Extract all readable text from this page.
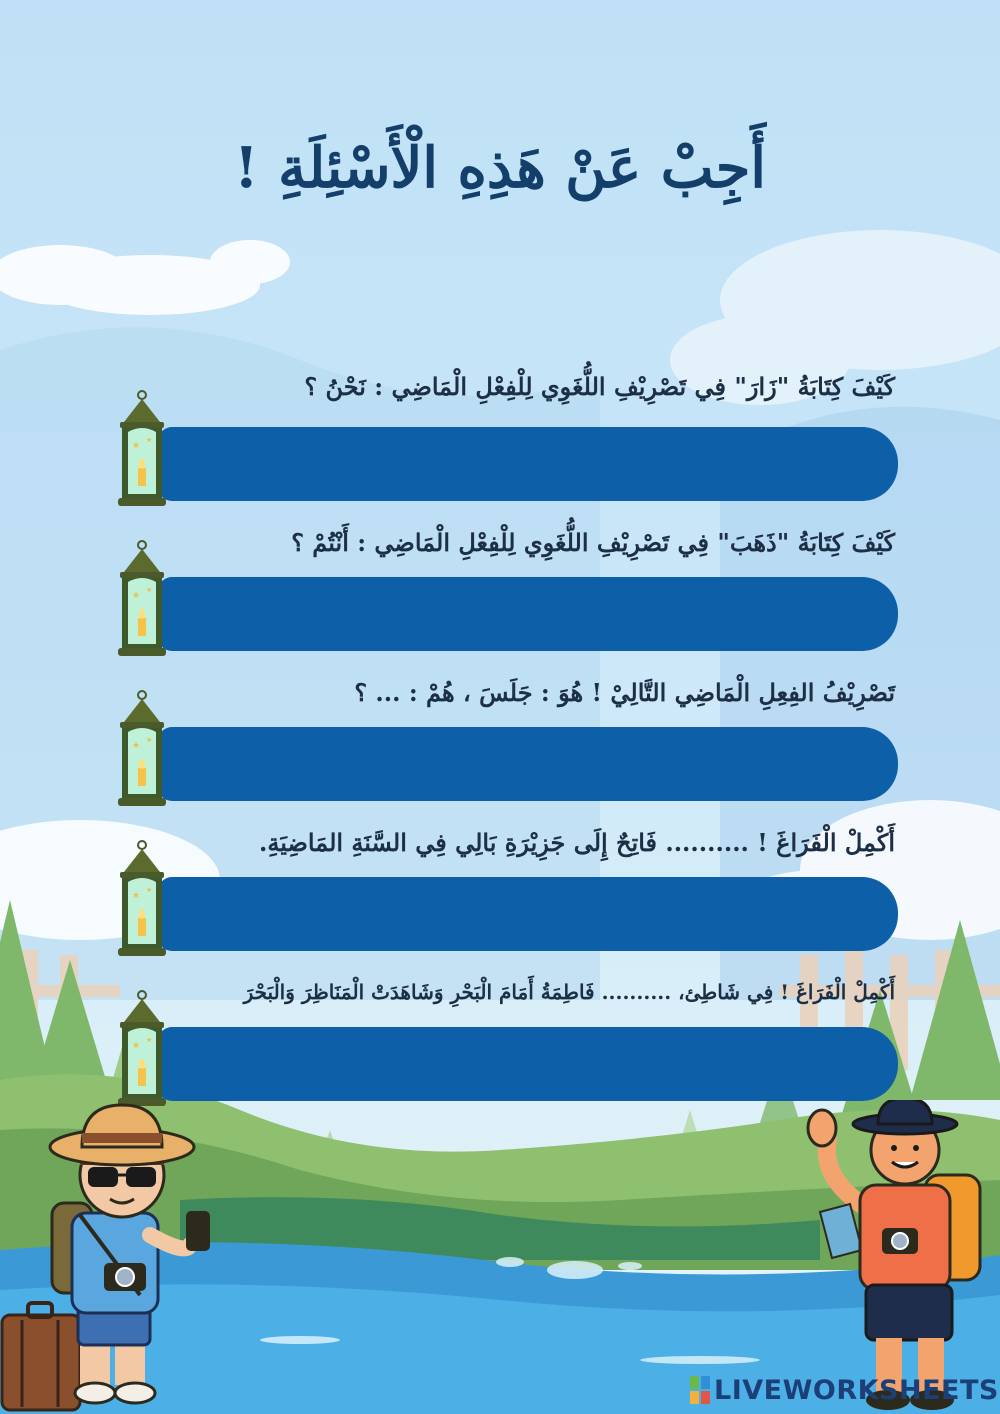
أَجِبْ عَنْ هَذِهِ الْأَسْئِلَةِ !
كَيْفَ كِتَابَةُ "زَارَ" فِي تَصْرِيْفِ اللُّغَوِي لِلْفِعْلِ الْمَاضِي : نَحْنُ ؟
كَيْفَ كِتَابَةُ "ذَهَبَ" فِي تَصْرِيْفِ اللُّغَوِي لِلْفِعْلِ الْمَاضِي : أَنْتُمْ ؟
تَصْرِيْفُ الفِعِلِ الْمَاضِي التَّالِيْ ! هُوَ : جَلَسَ ، هُمْ : ... ؟
أَكْمِلْ الْفَرَاغَ ! .......... فَاتِحٌ إِلَى جَزِيْرَةِ بَالِي فِي السَّنَةِ المَاضِيَةِ.
أَكْمِلْ الْفَرَاغَ ! فِي شَاطِئ، .......... فَاطِمَةُ أَمَامَ الْبَحْرِ وَشَاهَدَتْ الْمَنَاظِرَ وَالْبَحْرَ
★
★
★
★
★
★
★
★
★
★
LIVEWORKSHEETS
